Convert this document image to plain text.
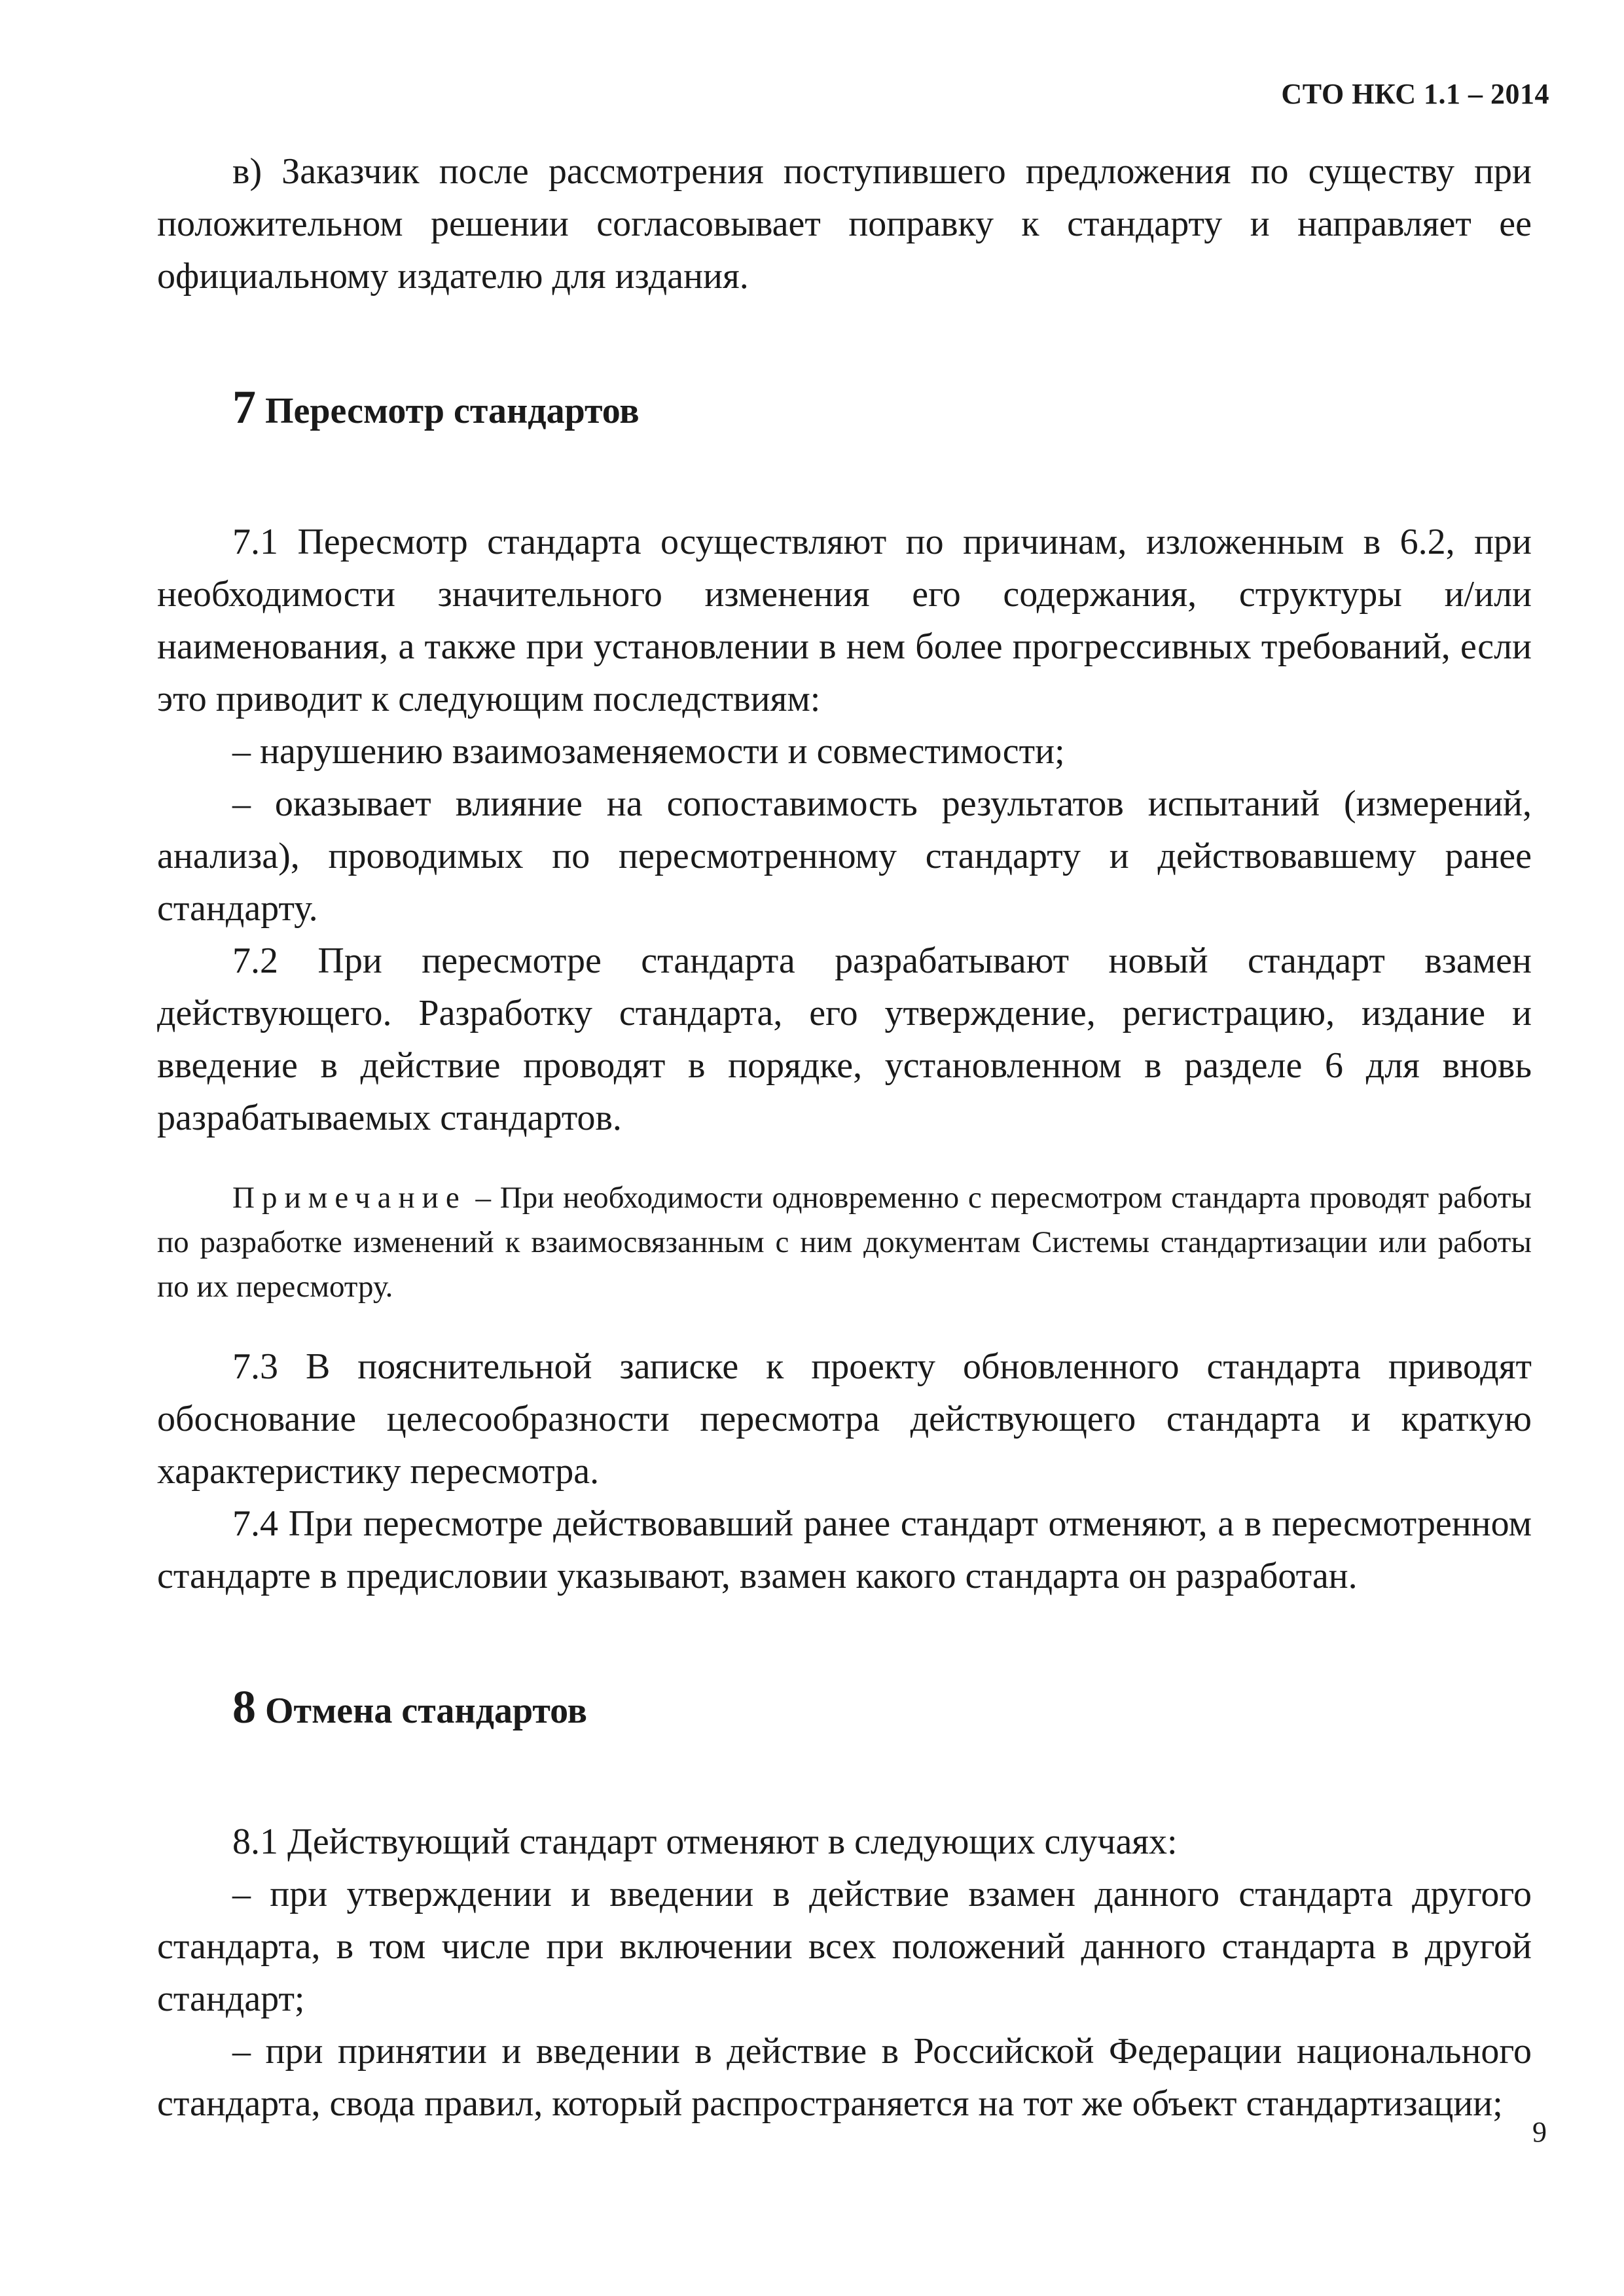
СТО НКС 1.1 – 2014

в) Заказчик после рассмотрения поступившего предложения по существу при положительном решении согласовывает поправку к стандарту и направляет ее официальному издателю для издания.

7 Пересмотр стандартов

7.1 Пересмотр стандарта осуществляют по причинам, изложенным в 6.2, при необходимости значительного изменения его содержания, структуры и/или наименования, а также при установлении в нем более прогрессивных требований, если это приводит к следующим последствиям:

– нарушению взаимозаменяемости и совместимости;

– оказывает влияние на сопоставимость результатов испытаний (измерений, анализа), проводимых по пересмотренному стандарту и действовавшему ранее стандарту.

7.2 При пересмотре стандарта разрабатывают новый стандарт взамен действующего. Разработку стандарта, его утверждение, регистрацию, издание и введение в действие проводят в порядке, установленном в разделе 6 для вновь разрабатываемых стандартов.

Примечание – При необходимости одновременно с пересмотром стандарта проводят работы по разработке изменений к взаимосвязанным с ним документам Системы стандартизации или работы по их пересмотру.

7.3 В пояснительной записке к проекту обновленного стандарта приводят обоснование целесообразности пересмотра действующего стандарта и краткую характеристику пересмотра.

7.4 При пересмотре действовавший ранее стандарт отменяют, а в пересмотренном стандарте в предисловии указывают, взамен какого стандарта он разработан.

8 Отмена стандартов

8.1 Действующий стандарт отменяют в следующих случаях:

– при утверждении и введении в действие взамен данного стандарта другого стандарта, в том числе при включении всех положений данного стандарта в другой стандарт;

– при принятии и введении в действие в Российской Федерации национального стандарта, свода правил, который распространяется на тот же объект стандартизации;

9
